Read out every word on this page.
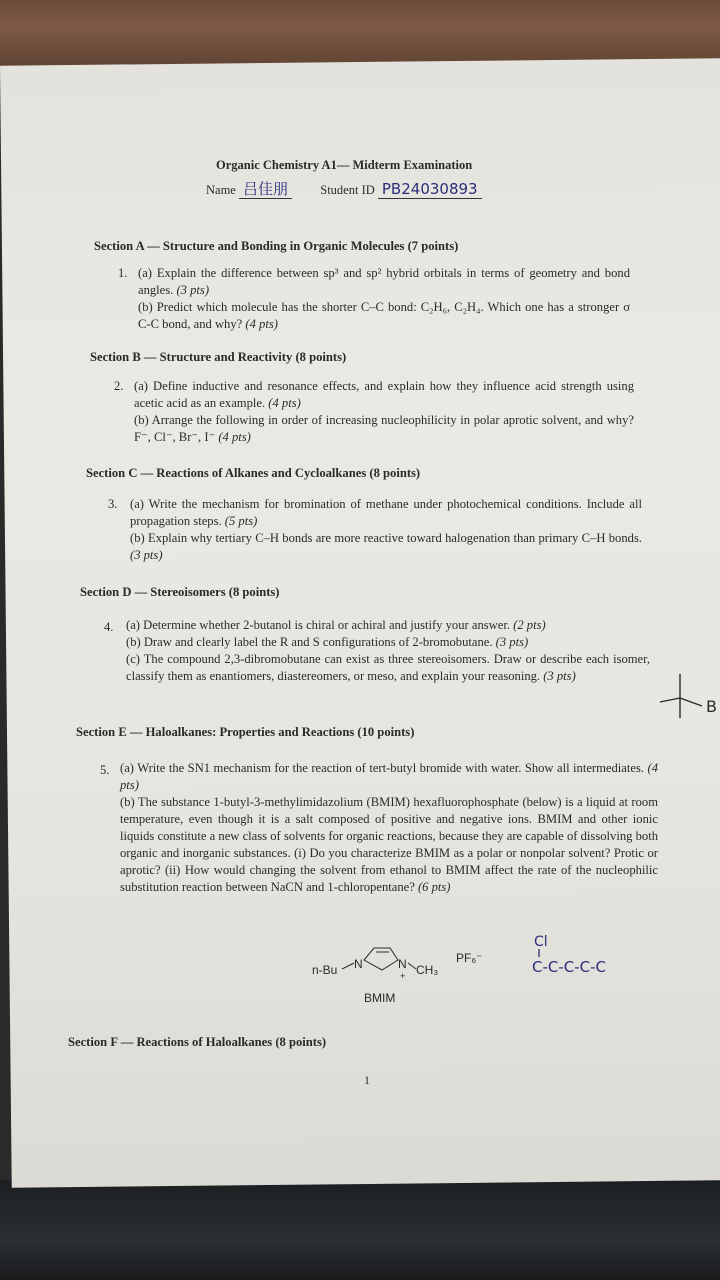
Organic Chemistry A1— Midterm Examination
Name 吕佳朋	Student ID PB24030893
Section A — Structure and Bonding in Organic Molecules (7 points)
1. (a) Explain the difference between sp³ and sp² hybrid orbitals in terms of geometry and bond angles. (3 pts)
(b) Predict which molecule has the shorter C–C bond: C₂H₆, C₂H₄. Which one has a stronger σ C-C bond, and why? (4 pts)
Section B — Structure and Reactivity (8 points)
2. (a) Define inductive and resonance effects, and explain how they influence acid strength using acetic acid as an example. (4 pts)
(b) Arrange the following in order of increasing nucleophilicity in polar aprotic solvent, and why? F⁻, Cl⁻, Br⁻, I⁻ (4 pts)
Section C — Reactions of Alkanes and Cycloalkanes (8 points)
3. (a) Write the mechanism for bromination of methane under photochemical conditions. Include all propagation steps. (5 pts)
(b) Explain why tertiary C–H bonds are more reactive toward halogenation than primary C–H bonds. (3 pts)
Section D — Stereoisomers (8 points)
4. (a) Determine whether 2-butanol is chiral or achiral and justify your answer. (2 pts)
(b) Draw and clearly label the R and S configurations of 2-bromobutane. (3 pts)
(c) The compound 2,3-dibromobutane can exist as three stereoisomers. Draw or describe each isomer, classify them as enantiomers, diastereomers, or meso, and explain your reasoning. (3 pts)
Section E — Haloalkanes: Properties and Reactions (10 points)
5. (a) Write the SN1 mechanism for the reaction of tert-butyl bromide with water. Show all intermediates. (4 pts)
(b) The substance 1-butyl-3-methylimidazolium (BMIM) hexafluorophosphate (below) is a liquid at room temperature, even though it is a salt composed of positive and negative ions. BMIM and other ionic liquids constitute a new class of solvents for organic reactions, because they are capable of dissolving both organic and inorganic substances. (i) Do you characterize BMIM as a polar or nonpolar solvent? Protic or aprotic? (ii) How would changing the solvent from ethanol to BMIM affect the rate of the nucleophilic substitution reaction between NaCN and 1-chloropentane? (6 pts)
n-Bu N	N
+ CH₃
PF₆⁻
BMIM
Cl
C-C-C-C-C
B
Section F — Reactions of Haloalkanes (8 points)
1
